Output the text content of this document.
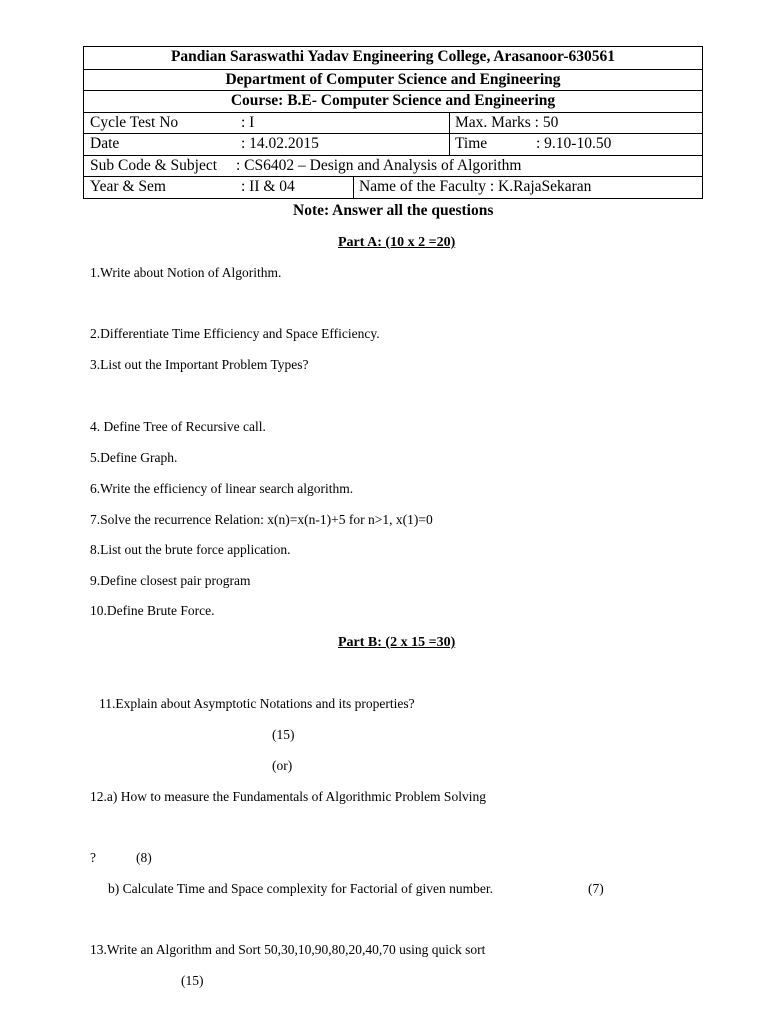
Pandian Saraswathi Yadav Engineering College, Arasanoor-630561
Department of Computer Science and Engineering
Course: B.E- Computer Science and Engineering
Cycle Test No	: I	Max. Marks : 50
Date	: 14.02.2015	Time	: 9.10-10.50
Sub Code & Subject : CS6402 – Design and Analysis of Algorithm
Year & Sem	: II & 04	Name of the Faculty : K.RajaSekaran
Note: Answer all the questions
Part A: (10 x 2 =20)
1.Write about Notion of Algorithm.
2.Differentiate Time Efficiency and Space Efficiency.
3.List out the Important Problem Types?
4. Define Tree of Recursive call.
5.Define Graph.
6.Write the efficiency of linear search algorithm.
7.Solve the recurrence Relation: x(n)=x(n-1)+5 for n>1, x(1)=0
8.List out the brute force application.
9.Define closest pair program
10.Define Brute Force.
Part B: (2 x 15 =30)
11.Explain about Asymptotic Notations and its properties?
(15)
(or)
12.a) How to measure the Fundamentals of Algorithmic Problem Solving
?	(8)
b) Calculate Time and Space complexity for Factorial of given number.	(7)
13.Write an Algorithm and Sort 50,30,10,90,80,20,40,70 using quick sort
(15)
